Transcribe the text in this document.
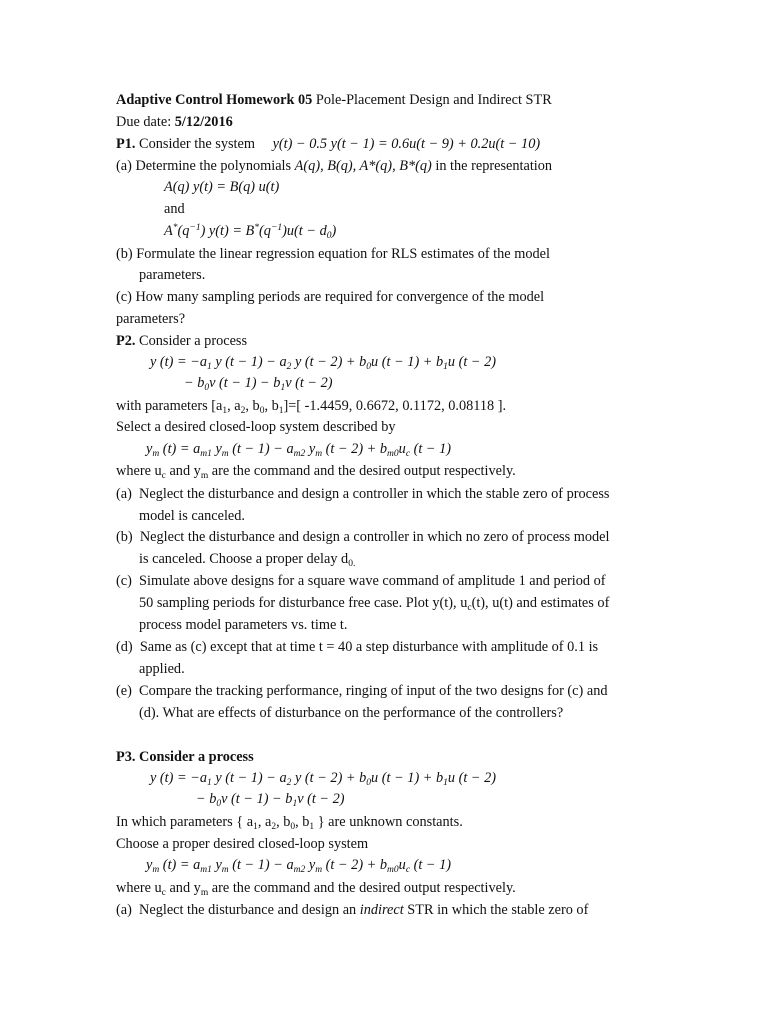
Adaptive Control Homework 05 Pole-Placement Design and Indirect STR
Due date: 5/12/2016
P1. Consider the system y(t) − 0.5 y(t − 1) = 0.6u(t − 9) + 0.2u(t − 10)
(a) Determine the polynomials A(q), B(q), A*(q), B*(q) in the representation
A(q) y(t) = B(q) u(t)
and
$A^*(q^{-1}) y(t) = B^*(q^{-1})u(t - d_0)$
(b) Formulate the linear regression equation for RLS estimates of the model
parameters.
(c) How many sampling periods are required for convergence of the model
parameters?
P2. Consider a process
y $(t) = -a_1$ y $(t - 1) - a_2$ y $(t - 2) + b_0u$ $(t - 1) + b_1u$ (t − 2)
− $b_0v$ $(t - 1) - b_1v$ (t − 2)
with parameters [$a_1$, $a_2$, $b_0$, $b_1]=$[ -1.4459, 0.6672, 0.1172, 0.08118 ].
Select a desired closed-loop system described by
$y_m$ $(t) = a_{m1}$ $y_m$ $(t - 1) - a_{m2}$ $y_m$ $(t - 2) + b_{m0}u_c$ (t − 1)
where $u_c$ and $y_m$ are the command and the desired output respectively.
(a) Neglect the disturbance and design a controller in which the stable zero of process
model is canceled.
(b) Neglect the disturbance and design a controller in which no zero of process model
is canceled. Choose a proper delay $d_{0.}$
(c) Simulate above designs for a square wave command of amplitude 1 and period of
50 sampling periods for disturbance free case. Plot y(t), $u_c(t)$, u(t) and estimates of
process model parameters vs. time t.
(d) Same as (c) except that at time t = 40 a step disturbance with amplitude of 0.1 is
applied.
(e) Compare the tracking performance, ringing of input of the two designs for (c) and
(d). What are effects of disturbance on the performance of the controllers?
P3. Consider a process
y $(t) = -a_1$ y $(t - 1) - a_2$ y $(t - 2) + b_0u$ $(t - 1) + b_1u$ (t − 2)
− $b_0v$ $(t - 1) - b_1v$ (t − 2)
In which parameters { $a_1$, $a_2$, $b_0$, $b_1$ } are unknown constants.
Choose a proper desired closed-loop system
$y_m$ $(t) = a_{m1}$ $y_m$ $(t - 1) - a_{m2}$ $y_m$ $(t - 2) + b_{m0}u_c$ (t − 1)
where $u_c$ and $y_m$ are the command and the desired output respectively.
(a) Neglect the disturbance and design an indirect STR in which the stable zero of
